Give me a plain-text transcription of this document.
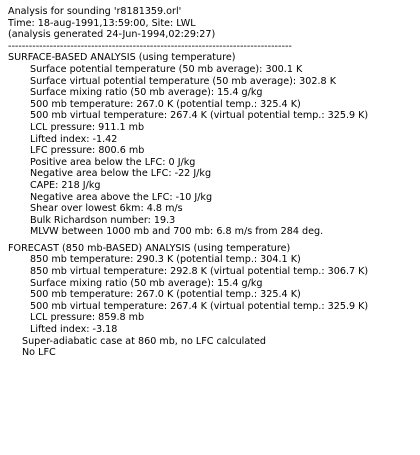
Analysis for sounding 'r8181359.orl'
Time: 18-aug-1991,13:59:00, Site: LWL
(analysis generated 24-Jun-1994,02:29:27)
----------------------------------------------------------------------------------
SURFACE-BASED ANALYSIS (using temperature)
Surface potential temperature (50 mb average): 300.1 K
Surface virtual potential temperature (50 mb average): 302.8 K
Surface mixing ratio (50 mb average): 15.4 g/kg
500 mb temperature: 267.0 K (potential temp.: 325.4 K)
500 mb virtual temperature: 267.4 K (virtual potential temp.: 325.9 K)
LCL pressure: 911.1 mb
Lifted index: -1.42
LFC pressure: 800.6 mb
Positive area below the LFC: 0 J/kg
Negative area below the LFC: -22 J/kg
CAPE: 218 J/kg
Negative area above the LFC: -10 J/kg
Shear over lowest 6km: 4.8 m/s
Bulk Richardson number: 19.3
MLVW between 1000 mb and 700 mb: 6.8 m/s from 284 deg.
FORECAST (850 mb-BASED) ANALYSIS (using temperature)
850 mb temperature: 290.3 K (potential temp.: 304.1 K)
850 mb virtual temperature: 292.8 K (virtual potential temp.: 306.7 K)
Surface mixing ratio (50 mb average): 15.4 g/kg
500 mb temperature: 267.0 K (potential temp.: 325.4 K)
500 mb virtual temperature: 267.4 K (virtual potential temp.: 325.9 K)
LCL pressure: 859.8 mb
Lifted index: -3.18
Super-adiabatic case at 860 mb, no LFC calculated
No LFC
